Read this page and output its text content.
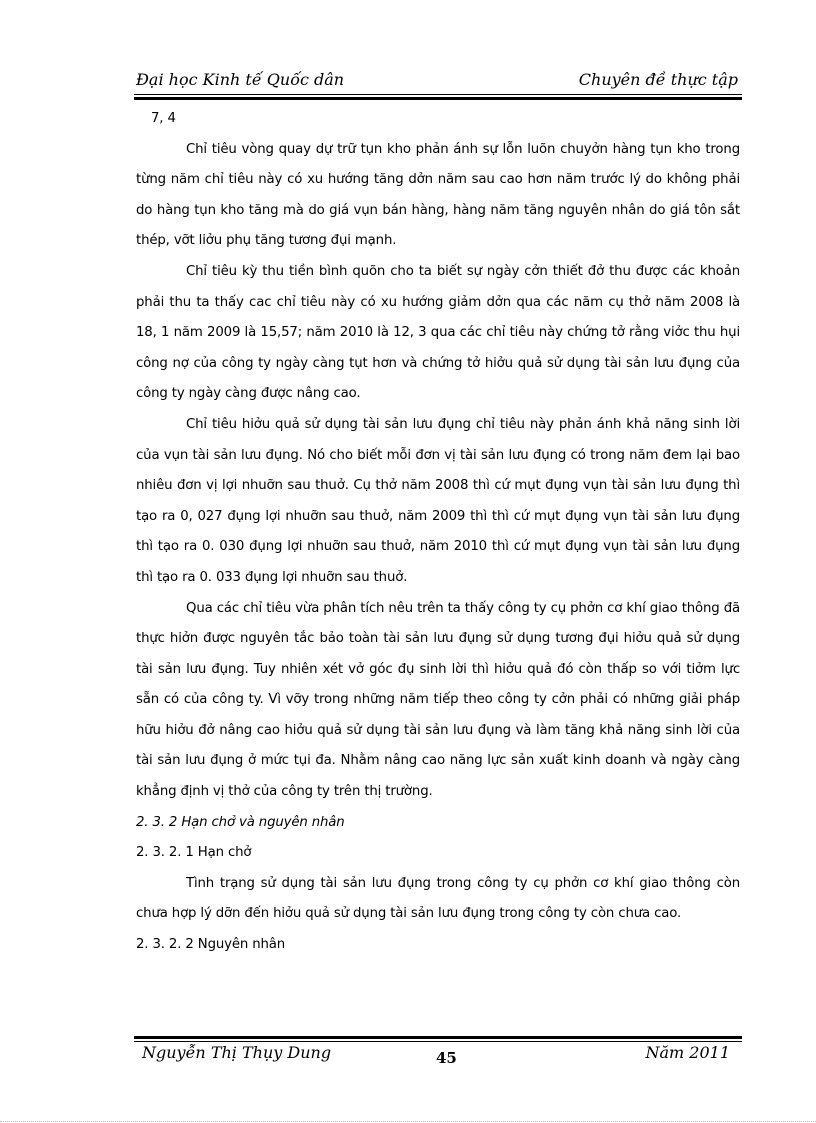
Đại học Kinh tế Quốc dân	Chuyên đề thực tập

7, 4

Chỉ tiêu vòng quay dự trữ tụn kho phản ánh sự lỗn luõn chuyởn hàng tụn kho trong từng năm chỉ tiêu này có xu hướng tăng dởn năm sau cao hơn năm trước lý do không phải do hàng tụn kho tăng mà do giá vụn bán hàng, hàng năm tăng nguyên nhân do giá tôn sắt thép, vỡt liởu phụ tăng tương đụi mạnh.

Chỉ tiêu kỳ thu tiền bình quõn cho ta biết sự ngày cởn thiết đở thu được các khoản phải thu ta thấy cac chỉ tiêu này có xu hướng giảm dởn qua các năm cụ thở năm 2008 là 18, 1 năm 2009 là 15,57; năm 2010 là 12, 3 qua các chỉ tiêu này chứng tở rằng viởc thu hụi công nợ của công ty ngày càng tụt hơn và chứng tở hiởu quả sử dụng tài sản lưu đụng của công ty ngày càng được nâng cao.

Chỉ tiêu hiởu quả sử dụng tài sản lưu đụng chỉ tiêu này phản ánh khả năng sinh lời của vụn tài sản lưu đụng. Nó cho biết mỗi đơn vị tài sản lưu đụng có trong năm đem lại bao nhiêu đơn vị lợi nhuỡn sau thuở. Cụ thở năm 2008 thì cứ mụt đụng vụn tài sản lưu đụng thì tạo ra 0, 027 đụng lợi nhuỡn sau thuở, năm 2009 thì thì cứ mụt đụng vụn tài sản lưu đụng thì tạo ra 0. 030 đụng lợi nhuỡn sau thuở, năm 2010 thì cứ mụt đụng vụn tài sản lưu đụng thì tạo ra 0. 033 đụng lợi nhuỡn sau thuở.

Qua các chỉ tiêu vừa phân tích nêu trên ta thấy công ty cụ phởn cơ khí giao thông đã thực hiởn được nguyên tắc bảo toàn tài sản lưu đụng sử dụng tương đụi hiởu quả sử dụng tài sản lưu đụng. Tuy nhiên xét vở góc đụ sinh lời thì hiởu quả đó còn thấp so với tiởm lực sẵn có của công ty. Vì vỡy trong những năm tiếp theo công ty cởn phải có những giải pháp hữu hiởu đở nâng cao hiởu quả sử dụng tài sản lưu đụng và làm tăng khả năng sinh lời của tài sản lưu đụng ở mức tụi đa. Nhằm nâng cao năng lực sản xuất kinh doanh và ngày càng khẳng định vị thở của công ty trên thị trường.

2. 3. 2 Hạn chở và nguyên nhân

2. 3. 2. 1 Hạn chở

Tình trạng sử dụng tài sản lưu đụng trong công ty cụ phởn cơ khí giao thông còn chưa hợp lý dỡn đến hiởu quả sử dụng tài sản lưu đụng trong công ty còn chưa cao.

2. 3. 2. 2 Nguyên nhân

Nguyễn Thị Thụy Dung	45	Năm 2011
